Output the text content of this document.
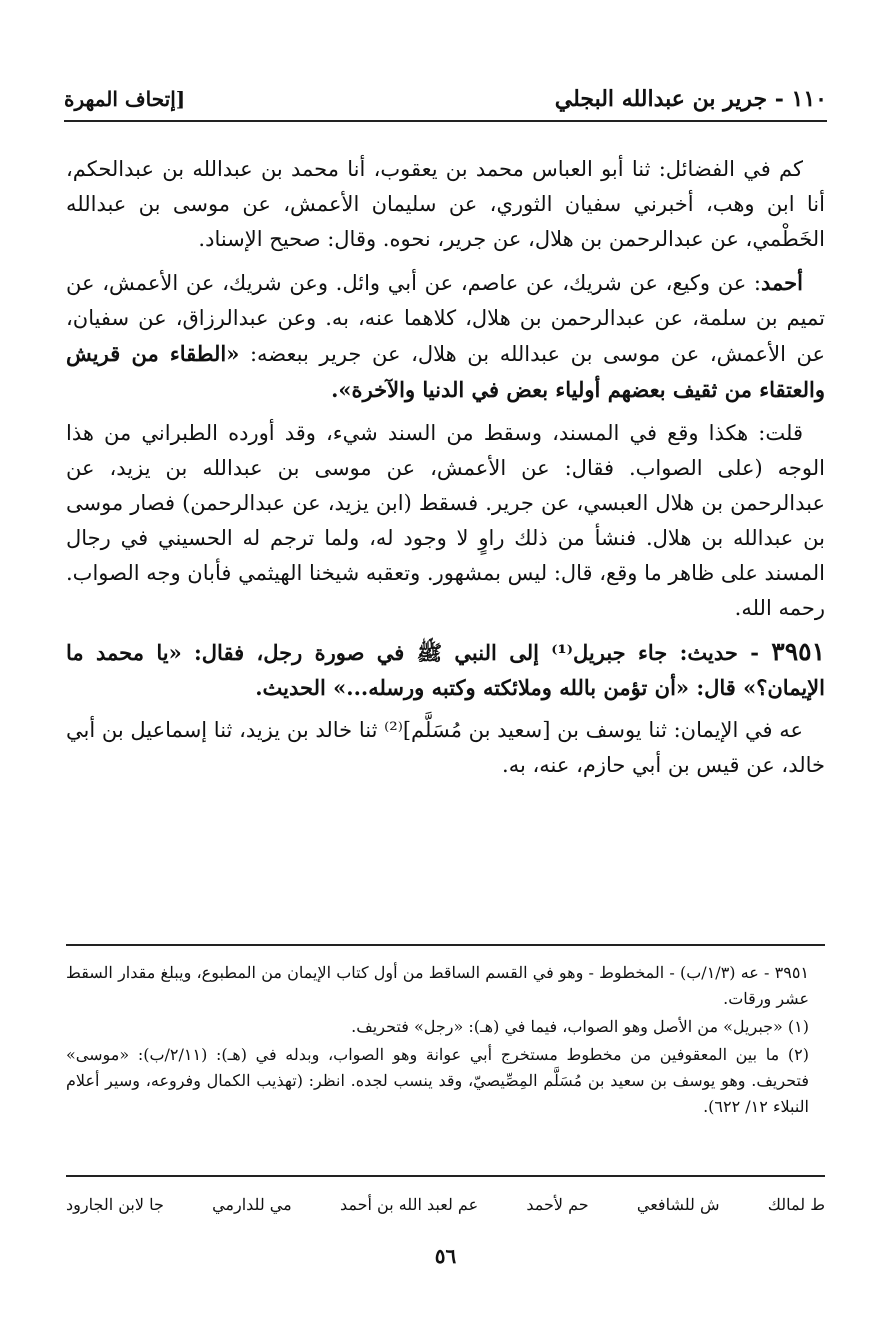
١١٠ - جرير بن عبدالله البجلي
[إتحاف المهرة

كم في الفضائل: ثنا أبو العباس محمد بن يعقوب، أنا محمد بن عبدالله بن عبدالحكم، أنا ابن وهب، أخبرني سفيان الثوري، عن سليمان الأعمش، عن موسى بن عبدالله الخَطْمي، عن عبدالرحمن بن هلال، عن جرير، نحوه. وقال: صحيح الإسناد.

أحمد: عن وكيع، عن شريك، عن عاصم، عن أبي وائل. وعن شريك، عن الأعمش، عن تميم بن سلمة، عن عبدالرحمن بن هلال، كلاهما عنه، به. وعن عبدالرزاق، عن سفيان، عن الأعمش، عن موسى بن عبدالله بن هلال، عن جرير ببعضه: «الطقاء من قريش والعتقاء من ثقيف بعضهم أولياء بعض في الدنيا والآخرة».

قلت: هكذا وقع في المسند، وسقط من السند شيء، وقد أورده الطبراني من هذا الوجه (على الصواب. فقال: عن الأعمش، عن موسى بن عبدالله بن يزيد، عن عبدالرحمن بن هلال العبسي، عن جرير. فسقط (ابن يزيد، عن عبدالرحمن) فصار موسى بن عبدالله بن هلال. فنشأ من ذلك راوٍ لا وجود له، ولما ترجم له الحسيني في رجال المسند على ظاهر ما وقع، قال: ليس بمشهور. وتعقبه شيخنا الهيثمي فأبان وجه الصواب. رحمه الله.

٣٩٥١ - حديث: جاء جبريل⁽¹⁾ إلى النبي ﷺ في صورة رجل، فقال: «يا محمد ما الإيمان؟» قال: «أن تؤمن بالله وملائكته وكتبه ورسله...» الحديث.

عه في الإيمان: ثنا يوسف بن [سعيد بن مُسَلَّم]⁽²⁾ ثنا خالد بن يزيد، ثنا إسماعيل بن أبي خالد، عن قيس بن أبي حازم، عنه، به.

٣٩٥١ - عه (١/٣/ب) - المخطوط - وهو في القسم الساقط من أول كتاب الإيمان من المطبوع، ويبلغ مقدار السقط عشر ورقات.

(١) «جبريل» من الأصل وهو الصواب، فيما في (هـ): «رجل» فتحريف.

(٢) ما بين المعقوفين من مخطوط مستخرج أبي عوانة وهو الصواب، وبدله في (هـ): (٢/١١/ب): «موسى» فتحريف. وهو يوسف بن سعيد بن مُسَلَّم المِصِّيصيّ، وقد ينسب لجده. انظر: (تهذيب الكمال وفروعه، وسير أعلام النبلاء ١٢/ ٦٢٢).

ط لمالك
ش للشافعي
حم لأحمد
عم لعبد الله بن أحمد
مي للدارمي
جا لابن الجارود
٥٦
